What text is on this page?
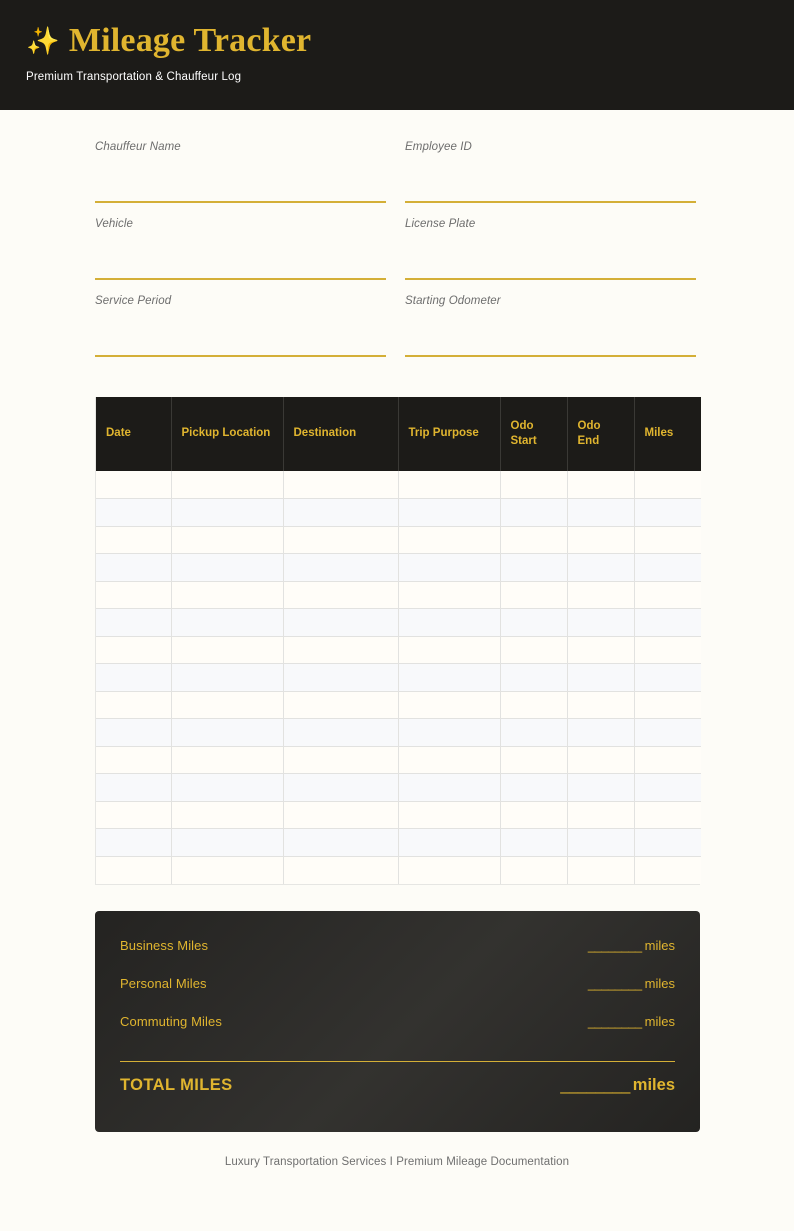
✨ Mileage Tracker
Premium Transportation & Chauffeur Log
Chauffeur Name	Employee ID
Vehicle	License Plate
Service Period	Starting Odometer
Date	Pickup Location	Destination	Trip Purpose	Odo Start	Odo End	Miles

Business Miles	________ miles
Personal Miles	________ miles
Commuting Miles	________ miles
TOTAL MILES	________ miles
Luxury Transportation Services I Premium Mileage Documentation
